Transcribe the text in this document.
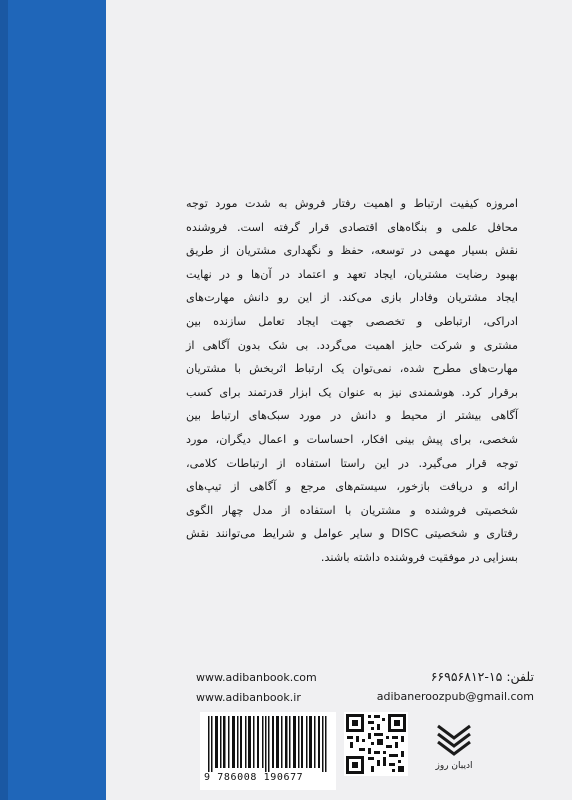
امروزه کیفیت ارتباط و اهمیت رفتار فروش به شدت مورد توجه
محافل علمی و بنگاه‌های اقتصادی قرار گرفته است. فروشنده
نقش بسیار مهمی در توسعه، حفظ و نگهداری مشتریان از طریق
بهبود رضایت مشتریان، ایجاد تعهد و اعتماد در آن‌ها و در نهایت
ایجاد مشتریان وفادار بازی می‌کند. از این رو دانش مهارت‌های
ادراکی، ارتباطی و تخصصی جهت ایجاد تعامل سازنده بین
مشتری و شرکت حایز اهمیت می‌گردد. بی شک بدون آگاهی از
مهارت‌های مطرح شده، نمی‌توان یک ارتباط اثربخش با مشتریان
برقرار کرد. هوشمندی نیز به عنوان یک ابزار قدرتمند برای کسب
آگاهی بیشتر از محیط و دانش در مورد سبک‌های ارتباط بین
شخصی، برای پیش بینی افکار، احساسات و اعمال دیگران، مورد
توجه قرار می‌گیرد. در این راستا استفاده از ارتباطات کلامی،
ارائه و دریافت بازخور، سیستم‌های مرجع و آگاهی از تیپ‌های
شخصیتی فروشنده و مشتریان با استفاده از مدل چهار الگوی
رفتاری و شخصیتی DISC و سایر عوامل و شرایط می‌توانند نقش
بسزایی در موفقیت فروشنده داشته باشند.
تلفن: ۱۵-۶۶۹۵۶۸۱۲
adibaneroozpub@gmail.com
www.adibanbook.com
www.adibanbook.ir
9 786008 190677
ادیبان روز
